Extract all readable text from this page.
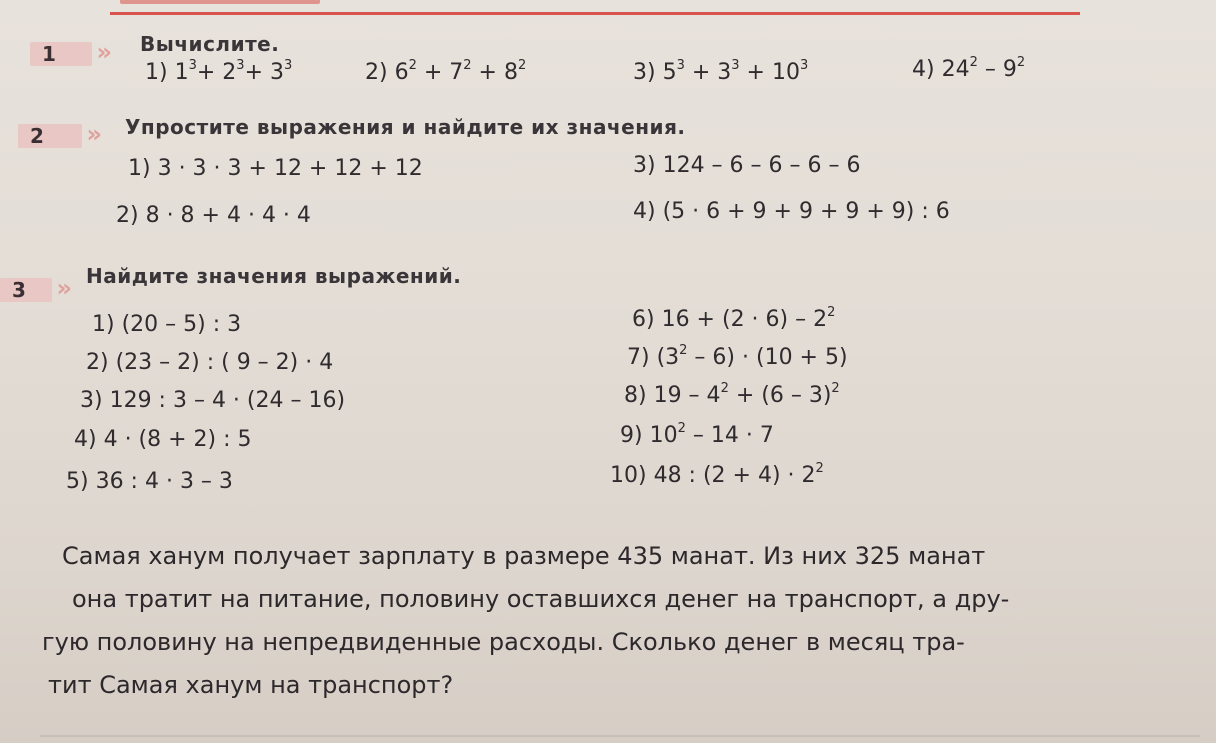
1 »	Вычислите.
1) $1^3+ 2^3+ 3^3$	2) $6^2 + 7^2 + 8^2$	3) $5^3 + 3^3 + 10^3$	4) $24^2 - 9^2$
2 »	Упростите выражения и найдите их значения.
1) 3 · 3 · 3 + 12 + 12 + 12
2) 8 · 8 + 4 · 4 · 4
3) 124 – 6 – 6 – 6 – 6
4) (5 · 6 + 9 + 9 + 9 + 9) : 6
3 »
Найдите значения выражений.
1) (20 – 5) : 3
2) (23 – 2) : ( 9 – 2) · 4
3) 129 : 3 – 4 · (24 – 16)
4) 4 · (8 + 2) : 5
5) 36 : 4 · 3 – 3
6) $16 + (2 \cdot 6) - 2^2$
7) $(3^2 - 6) \cdot (10 + 5)$
8) $19 - 4^2 + (6 - 3)^2$
9) $10^2 - 14 \cdot 7$
10) 48 : $(2 + 4) \cdot 2^2$

Самая ханум получает зарплату в размере 435 манат. Из них 325 манат

она тратит на питание, половину оставшихся денег на транспорт, а дру-

гую половину на непредвиденные расходы. Сколько денег в месяц тра-

тит Самая ханум на транспорт?
